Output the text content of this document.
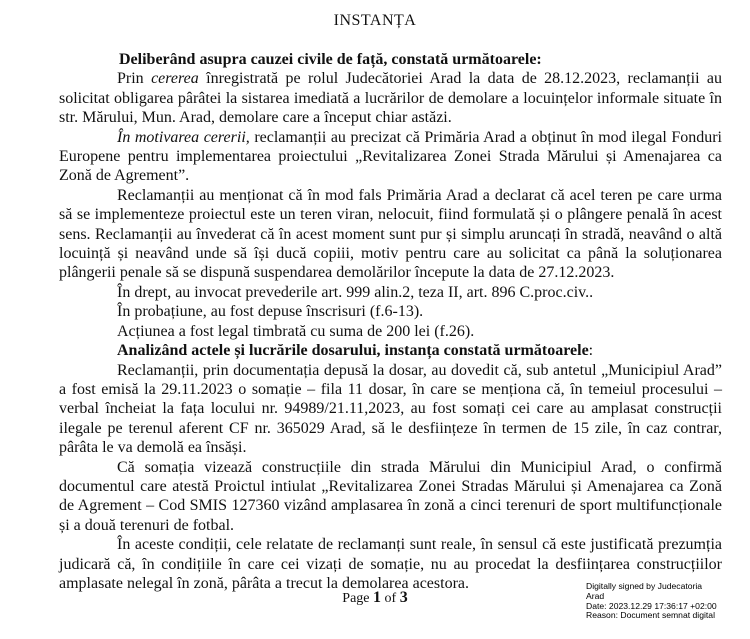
INSTANȚA

Deliberând asupra cauzei civile de față, constată următoarele:

Prin cererea înregistrată pe rolul Judecătoriei Arad la data de 28.12.2023, reclamanții au solicitat obligarea pârâtei la sistarea imediată a lucrărilor de demolare a locuințelor informale situate în str. Mărului, Mun. Arad, demolare care a început chiar astăzi.

În motivarea cererii, reclamanții au precizat că Primăria Arad a obținut în mod ilegal Fonduri Europene pentru implementarea proiectului „Revitalizarea Zonei Strada Mărului și Amenajarea ca Zonă de Agrement”.

Reclamanții au menționat că în mod fals Primăria Arad a declarat că acel teren pe care urma să se implementeze proiectul este un teren viran, nelocuit, fiind formulată și o plângere penală în acest sens. Reclamanții au învederat că în acest moment sunt pur și simplu aruncați în stradă, neavând o altă locuință și neavând unde să își ducă copiii, motiv pentru care au solicitat ca până la soluționarea plângerii penale să se dispună suspendarea demolărilor începute la data de 27.12.2023.

În drept, au invocat prevederile art. 999 alin.2, teza II, art. 896 C.proc.civ..

În probațiune, au fost depuse înscrisuri (f.6-13).

Acțiunea a fost legal timbrată cu suma de 200 lei (f.26).

Analizând actele și lucrările dosarului, instanța constată următoarele:

Reclamanții, prin documentația depusă la dosar, au dovedit că, sub antetul „Municipiul Arad” a fost emisă la 29.11.2023 o somație – fila 11 dosar, în care se menționa că, în temeiul procesului – verbal încheiat la fața locului nr. 94989/21.11,2023, au fost somați cei care au amplasat construcții ilegale pe terenul aferent CF nr. 365029 Arad, să le desființeze în termen de 15 zile, în caz contrar, pârâta le va demolă ea însăși.

Că somația vizează construcțiile din strada Mărului din Municipiul Arad, o confirmă documentul care atestă Proictul intiulat „Revitalizarea Zonei Stradas Mărului și Amenajarea ca Zonă de Agrement – Cod SMIS 127360 vizând amplasarea în zonă a cinci terenuri de sport multifuncționale și a două terenuri de fotbal.

În aceste condiții, cele relatate de reclamanți sunt reale, în sensul că este justificată prezumția judicară că, în condițiile în care cei vizați de somație, nu au procedat la desființarea construcțiilor amplasate nelegal în zonă, pârâta a trecut la demolarea acestora.

Page 1 of 3
Digitally signed by Judecatoria
Arad
Date: 2023.12.29 17:36:17 +02:00
Reason: Document semnat digital
